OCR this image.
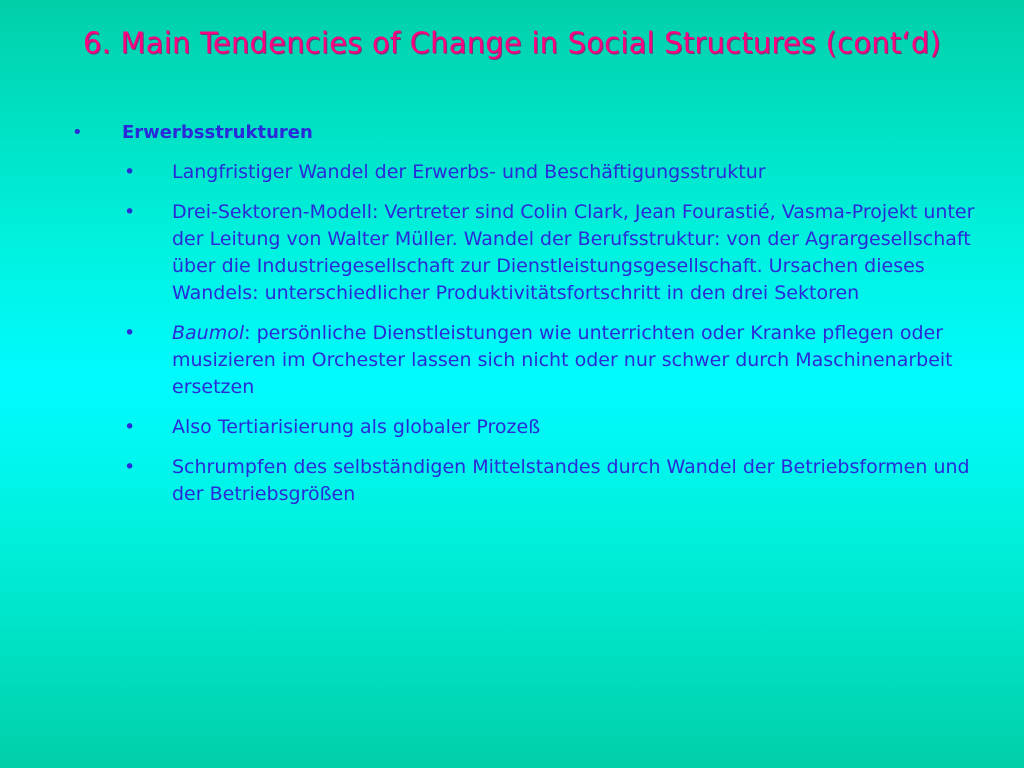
6. Main Tendencies of Change in Social Structures (cont‘d)
• Erwerbsstrukturen
• Langfristiger Wandel der Erwerbs- und Beschäftigungsstruktur
• Drei-Sektoren-Modell: Vertreter sind Colin Clark, Jean Fourastié, Vasma-Projekt unter der Leitung von Walter Müller. Wandel der Berufsstruktur: von der Agrargesellschaft über die Industriegesellschaft zur Dienstleistungsgesellschaft. Ursachen dieses Wandels: unterschiedlicher Produktivitätsfortschritt in den drei Sektoren
• Baumol: persönliche Dienstleistungen wie unterrichten oder Kranke pflegen oder musizieren im Orchester lassen sich nicht oder nur schwer durch Maschinenarbeit ersetzen
• Also Tertiarisierung als globaler Prozeß
• Schrumpfen des selbständigen Mittelstandes durch Wandel der Betriebsformen und der Betriebsgrößen
